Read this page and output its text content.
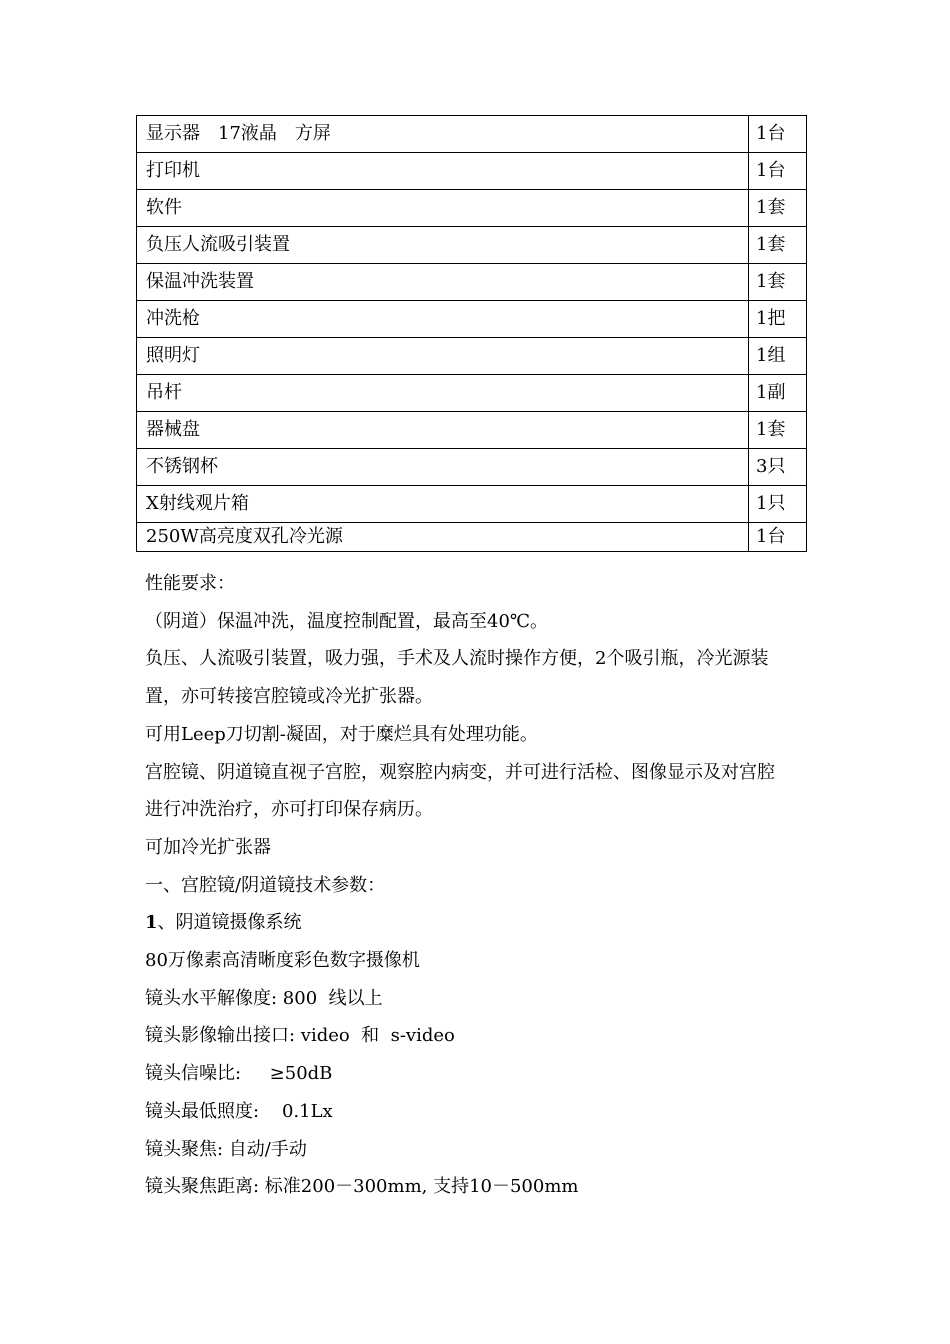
显示器　17液晶　方屏	1台
打印机	1台
软件	1套
负压人流吸引装置	1套
保温冲洗装置	1套
冲洗枪	1把
照明灯	1组
吊杆	1副
器械盘	1套
不锈钢杯	3只
X射线观片箱	1只
250W高亮度双孔冷光源	1台
性能要求：
（阴道）保温冲洗，温度控制配置，最高至40℃。
负压、人流吸引装置，吸力强，手术及人流时操作方便，2个吸引瓶，冷光源装
置，亦可转接宫腔镜或冷光扩张器。
可用Leep刀切割-凝固，对于糜烂具有处理功能。
宫腔镜、阴道镜直视子宫腔，观察腔内病变，并可进行活检、图像显示及对宫腔
进行冲洗治疗，亦可打印保存病历。
可加冷光扩张器
一、宫腔镜/阴道镜技术参数：
1、阴道镜摄像系统
80万像素高清晰度彩色数字摄像机
镜头水平解像度: 800  线以上
镜头影像输出接口: video  和  s-video
镜头信噪比:     ≥50dB
镜头最低照度:    0.1Lx
镜头聚焦: 自动/手动
镜头聚焦距离: 标准200－300mm, 支持10－500mm
